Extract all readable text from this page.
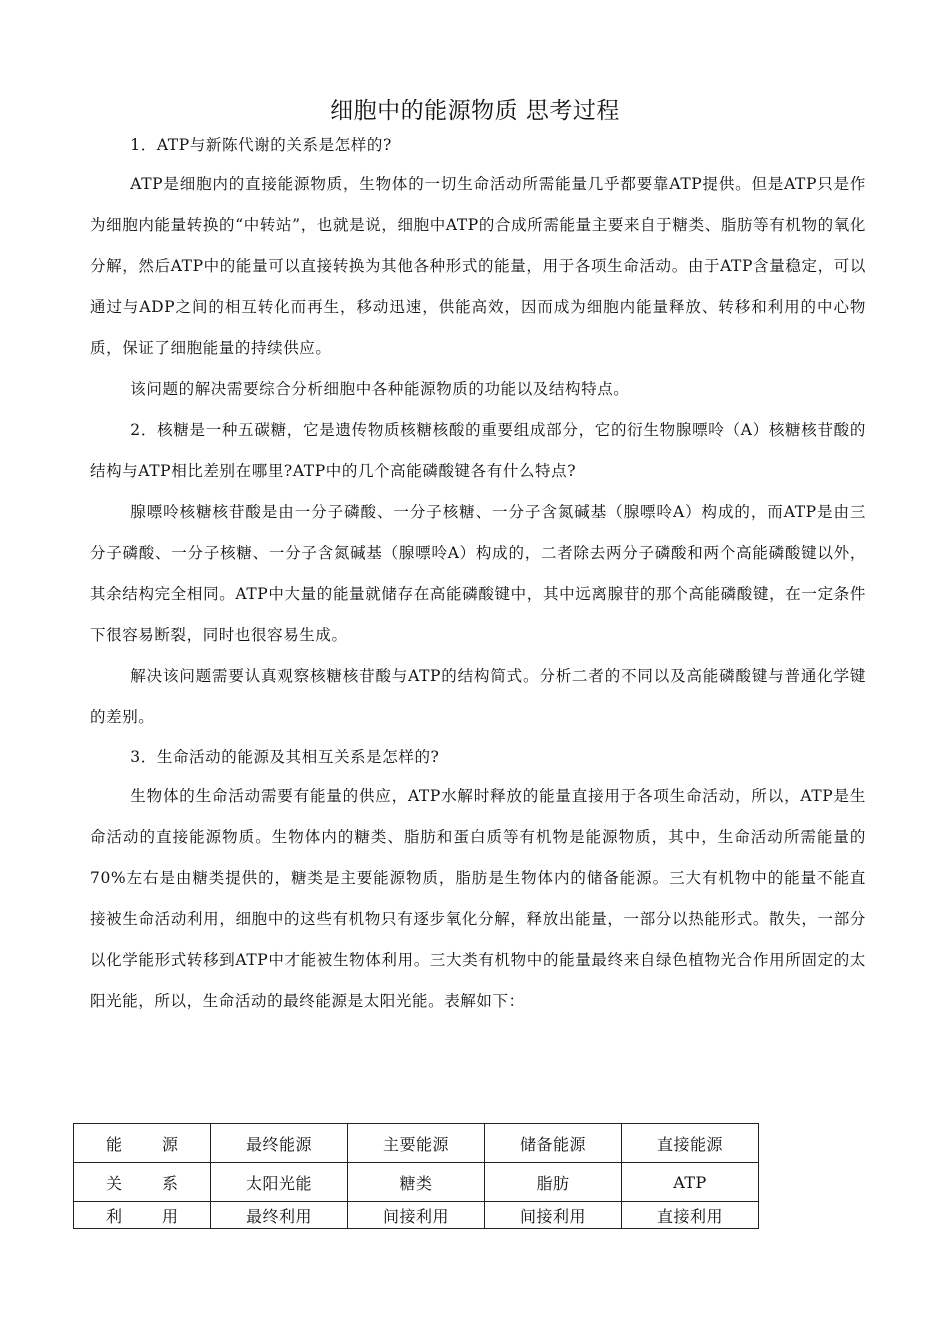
细胞中的能源物质 思考过程

1．ATP与新陈代谢的关系是怎样的?

ATP是细胞内的直接能源物质，生物体的一切生命活动所需能量几乎都要靠ATP提供。但是ATP只是作为细胞内能量转换的“中转站”，也就是说，细胞中ATP的合成所需能量主要来自于糖类、脂肪等有机物的氧化分解，然后ATP中的能量可以直接转换为其他各种形式的能量，用于各项生命活动。由于ATP含量稳定，可以通过与ADP之间的相互转化而再生，移动迅速，供能高效，因而成为细胞内能量释放、转移和利用的中心物质，保证了细胞能量的持续供应。

该问题的解决需要综合分析细胞中各种能源物质的功能以及结构特点。

2．核糖是一种五碳糖，它是遗传物质核糖核酸的重要组成部分，它的衍生物腺嘌呤（A）核糖核苷酸的结构与ATP相比差别在哪里?ATP中的几个高能磷酸键各有什么特点?

腺嘌呤核糖核苷酸是由一分子磷酸、一分子核糖、一分子含氮碱基（腺嘌呤A）构成的，而ATP是由三分子磷酸、一分子核糖、一分子含氮碱基（腺嘌呤A）构成的，二者除去两分子磷酸和两个高能磷酸键以外，其余结构完全相同。ATP中大量的能量就储存在高能磷酸键中，其中远离腺苷的那个高能磷酸键，在一定条件下很容易断裂，同时也很容易生成。

解决该问题需要认真观察核糖核苷酸与ATP的结构简式。分析二者的不同以及高能磷酸键与普通化学键的差别。

3．生命活动的能源及其相互关系是怎样的?

生物体的生命活动需要有能量的供应，ATP水解时释放的能量直接用于各项生命活动，所以，ATP是生命活动的直接能源物质。生物体内的糖类、脂肪和蛋白质等有机物是能源物质，其中，生命活动所需能量的70%左右是由糖类提供的，糖类是主要能源物质，脂肪是生物体内的储备能源。三大有机物中的能量不能直接被生命活动利用，细胞中的这些有机物只有逐步氧化分解，释放出能量，一部分以热能形式。散失，一部分以化学能形式转移到ATP中才能被生物体利用。三大类有机物中的能量最终来自绿色植物光合作用所固定的太阳光能，所以，生命活动的最终能源是太阳光能。表解如下：

能 源	最终能源	主要能源	储备能源	直接能源
关 系	太阳光能	糖类	脂肪	ATP
利 用	最终利用	间接利用	间接利用	直接利用
